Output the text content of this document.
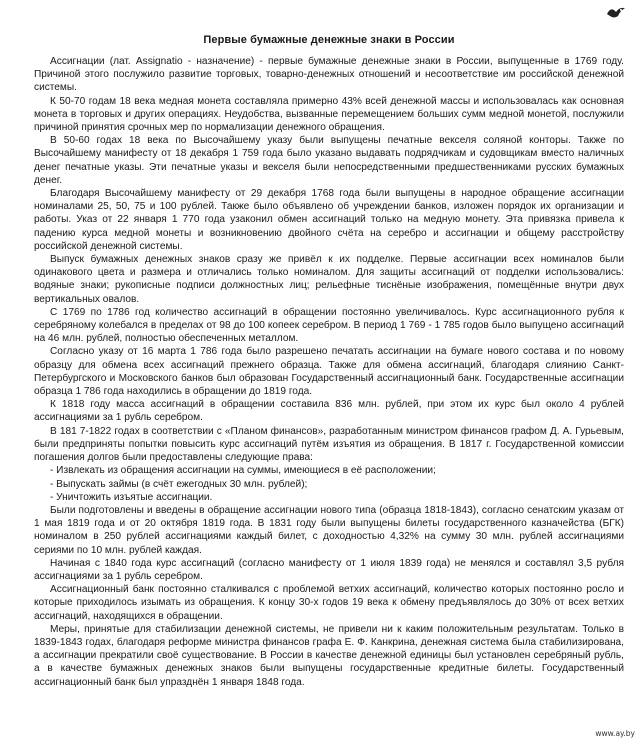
Первые бумажные денежные знаки в России

Ассигнации (лат. Assignatio - назначение) - первые бумажные денежные знаки в России, выпущенные в 1769 году. Причиной этого послужило развитие торговых, товарно-денежных отношений и несоответствие им российской денежной системы.

К 50-70 годам 18 века медная монета составляла примерно 43% всей денежной массы и использовалась как основная монета в торговых и других операциях. Неудобства, вызванные перемещением больших сумм медной монетой, послужили причиной принятия срочных мер по нормализации денежного обращения.

В 50-60 годах 18 века по Высочайшему указу были выпущены печатные векселя соляной конторы. Также по Высочайшему манифесту от 18 декабря 1 759 года было указано выдавать подрядчикам и судовщикам вместо наличных денег печатные указы. Эти печатные указы и векселя были непосредственными предшественниками русских бумажных денег.

Благодаря Высочайшему манифесту от 29 декабря 1768 года были выпущены в народное обращение ассигнации номиналами 25, 50, 75 и 100 рублей. Также было объявлено об учреждении банков, изложен порядок их организации и работы. Указ от 22 января 1 770 года узаконил обмен ассигнаций только на медную монету. Эта привязка привела к падению курса медной монеты и возникновению двойного счёта на серебро и ассигнации и общему расстройству российской денежной системы.

Выпуск бумажных денежных знаков сразу же привёл к их подделке. Первые ассигнации всех номиналов были одинакового цвета и размера и отличались только номиналом. Для защиты ассигнаций от подделки использовались: водяные знаки; рукописные подписи должностных лиц; рельефные тиснёные изображения, помещённые внутри двух вертикальных овалов.

С 1769 по 1786 год количество ассигнаций в обращении постоянно увеличивалось. Курс ассигнационного рубля к серебряному колебался в пределах от 98 до 100 копеек серебром. В период 1 769 - 1 785 годов было выпущено ассигнаций на 46 млн. рублей, полностью обеспеченных металлом.

Согласно указу от 16 марта 1 786 года было разрешено печатать ассигнации на бумаге нового состава и по новому образцу для обмена всех ассигнаций прежнего образца. Также для обмена ассигнаций, благодаря слиянию Санкт-Петербургского и Московского банков был образован Государственный ассигнационный банк. Государственные ассигнации образца 1 786 года находились в обращении до 1819 года.

К 1818 году масса ассигнаций в обращении составила 836 млн. рублей, при этом их курс был около 4 рублей ассигнациями за 1 рубль серебром.

В 181 7-1822 годах в соответствии с «Планом финансов», разработанным министром финансов графом Д. А. Гурьевым, были предприняты попытки повысить курс ассигнаций путём изъятия из обращения. В 1817 г. Государственной комиссии погашения долгов были предоставлены следующие права:

- Извлекать из обращения ассигнации на суммы, имеющиеся в её расположении;
- Выпускать займы (в счёт ежегодных 30 млн. рублей);
- Уничтожить изъятые ассигнации.

Были подготовлены и введены в обращение ассигнации нового типа (образца 1818-1843), согласно сенатским указам от 1 мая 1819 года и от 20 октября 1819 года. В 1831 году были выпущены билеты государственного казначейства (БГК) номиналом в 250 рублей ассигнациями каждый билет, с доходностью 4,32% на сумму 30 млн. рублей ассигнациями сериями по 10 млн. рублей каждая.

Начиная с 1840 года курс ассигнаций (согласно манифесту от 1 июля 1839 года) не менялся и составлял 3,5 рубля ассигнациями за 1 рубль серебром.

Ассигнационный банк постоянно сталкивался с проблемой ветхих ассигнаций, количество которых постоянно росло и которые приходилось изымать из обращения. К концу 30-х годов 19 века к обмену предъявлялось до 30% от всех ветхих ассигнаций, находящихся в обращении.

Меры, принятые для стабилизации денежной системы, не привели ни к каким положительным результатам. Только в 1839-1843 годах, благодаря реформе министра финансов графа Е. Ф. Канкрина, денежная система была стабилизирована, а ассигнации прекратили своё существование. В России в качестве денежной единицы был установлен серебряный рубль, а в качестве бумажных денежных знаков были выпущены государственные кредитные билеты. Государственный ассигнационный банк был упразднён 1 января 1848 года.

www.ay.by
